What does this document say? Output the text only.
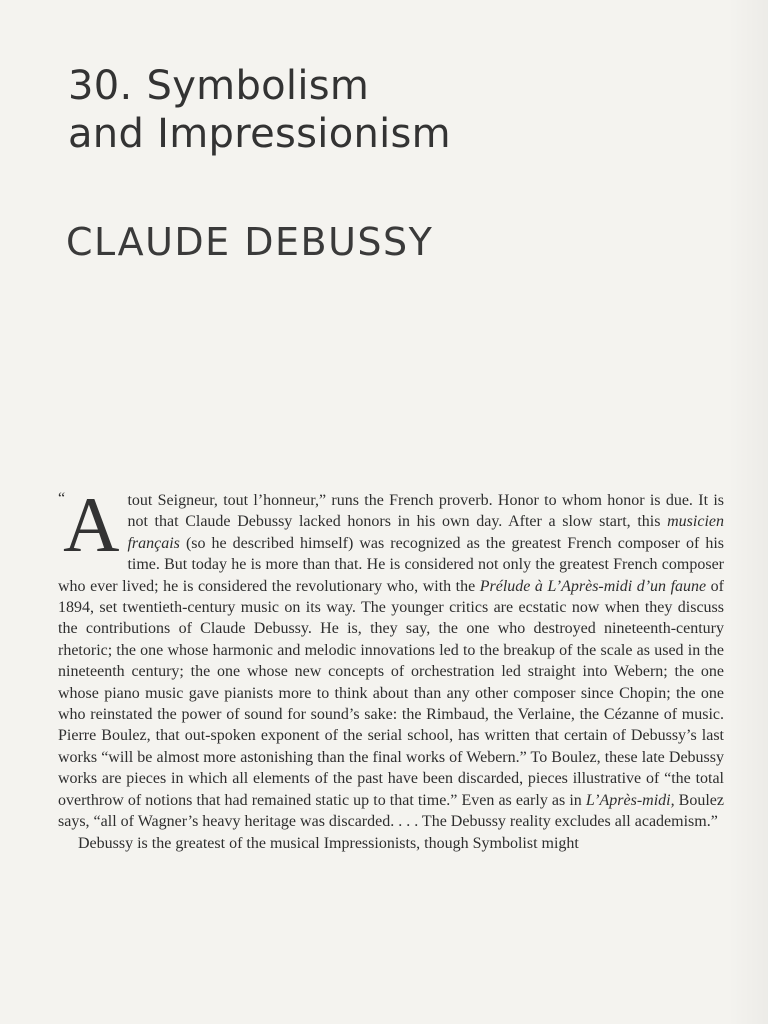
30. Symbolism
and Impressionism
CLAUDE DEBUSSY

“
A tout Seigneur, tout l’honneur,” runs the French proverb. Honor to whom honor is due. It is not that Claude Debussy lacked honors in his own day. After a slow start, this musicien français (so he described himself) was recognized as the greatest French composer of his time. But today he is more than that. He is considered not only the greatest French composer who ever lived; he is considered the revolutionary who, with the Prélude à L’Après-midi d’un faune of 1894, set twentieth-century music on its way. The younger critics are ecstatic now when they discuss the contributions of Claude Debussy. He is, they say, the one who destroyed nineteenth-century rhetoric; the one whose harmonic and melodic innovations led to the breakup of the scale as used in the nineteenth century; the one whose new concepts of orchestration led straight into Webern; the one whose piano music gave pianists more to think about than any other composer since Chopin; the one who reinstated the power of sound for sound’s sake: the Rimbaud, the Verlaine, the Cézanne of music. Pierre Boulez, that out-spoken exponent of the serial school, has written that certain of Debussy’s last works “will be almost more astonishing than the final works of Webern.” To Boulez, these late Debussy works are pieces in which all elements of the past have been discarded, pieces illustrative of “the total overthrow of notions that had remained static up to that time.” Even as early as in L’Après-midi, Boulez says, “all of Wagner’s heavy heritage was discarded. . . . The Debussy reality excludes all academism.”

Debussy is the greatest of the musical Impressionists, though Symbolist might
